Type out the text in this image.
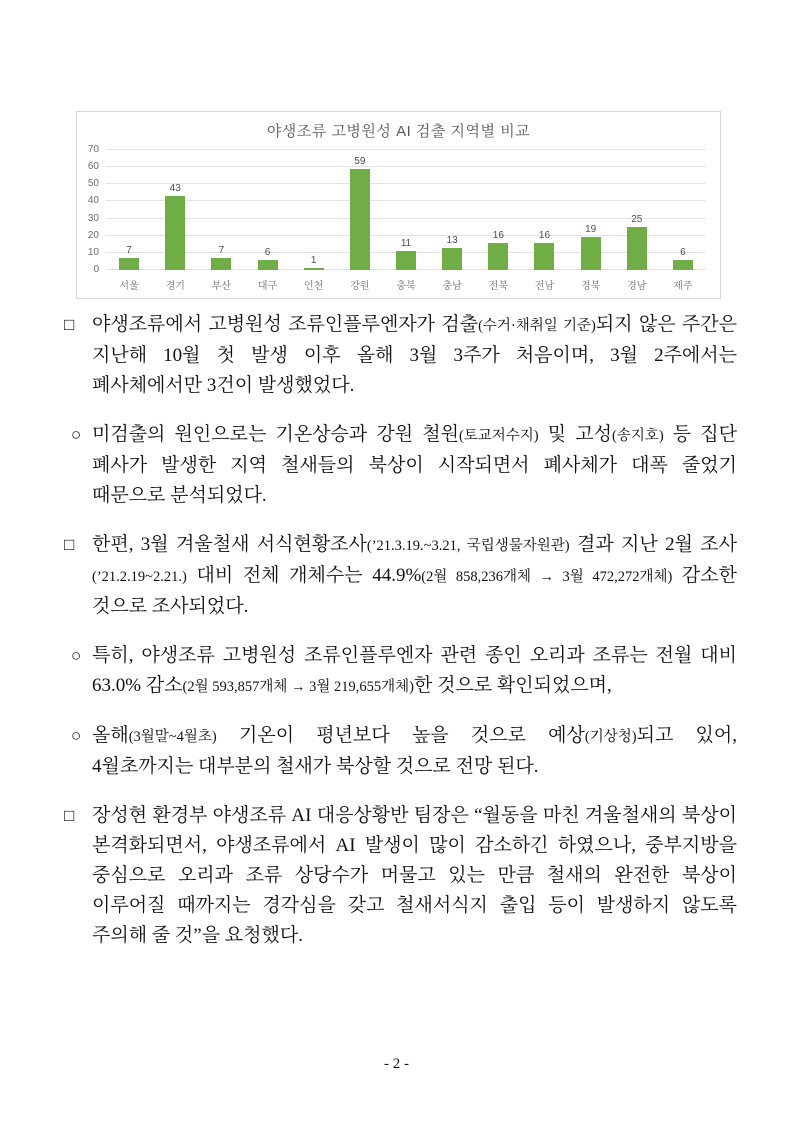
야생조류 고병원성 AI 검출 지역별 비교
0
10
20
30
40
50
60
70
7
43
7	6
1
59
11	13	16	16	19
25
6
서울	경기	부산	대구	인천	강원	충북	충남	전북	전남	경북	경남	제주
□ 야생조류에서 고병원성 조류인플루엔자가 검출(수거·채취일 기준)되지 않은 주간은 지난해 10월 첫 발생 이후 올해 3월 3주가 처음이며, 3월 2주에서는 폐사체에서만 3건이 발생했었다.
○ 미검출의 원인으로는 기온상승과 강원 철원(토교저수지) 및 고성(송지호) 등 집단 폐사가 발생한 지역 철새들의 북상이 시작되면서 폐사체가 대폭 줄었기 때문으로 분석되었다.
□ 한편, 3월 겨울철새 서식현황조사(’21.3.19.~3.21, 국립생물자원관) 결과 지난 2월 조사(’21.2.19~2.21.) 대비 전체 개체수는 44.9%(2월 858,236개체 → 3월 472,272개체) 감소한 것으로 조사되었다.
○ 특히, 야생조류 고병원성 조류인플루엔자 관련 종인 오리과 조류는 전월 대비 63.0% 감소(2월 593,857개체 → 3월 219,655개체)한 것으로 확인되었으며,
○ 올해(3월말~4월초) 기온이 평년보다 높을 것으로 예상(기상청)되고 있어, 4월초까지는 대부분의 철새가 북상할 것으로 전망 된다.
□ 장성현 환경부 야생조류 AI 대응상황반 팀장은 “월동을 마친 겨울철새의 북상이 본격화되면서, 야생조류에서 AI 발생이 많이 감소하긴 하였으나, 중부지방을 중심으로 오리과 조류 상당수가 머물고 있는 만큼 철새의 완전한 북상이 이루어질 때까지는 경각심을 갖고 철새서식지 출입 등이 발생하지 않도록 주의해 줄 것”을 요청했다.
- 2 -
